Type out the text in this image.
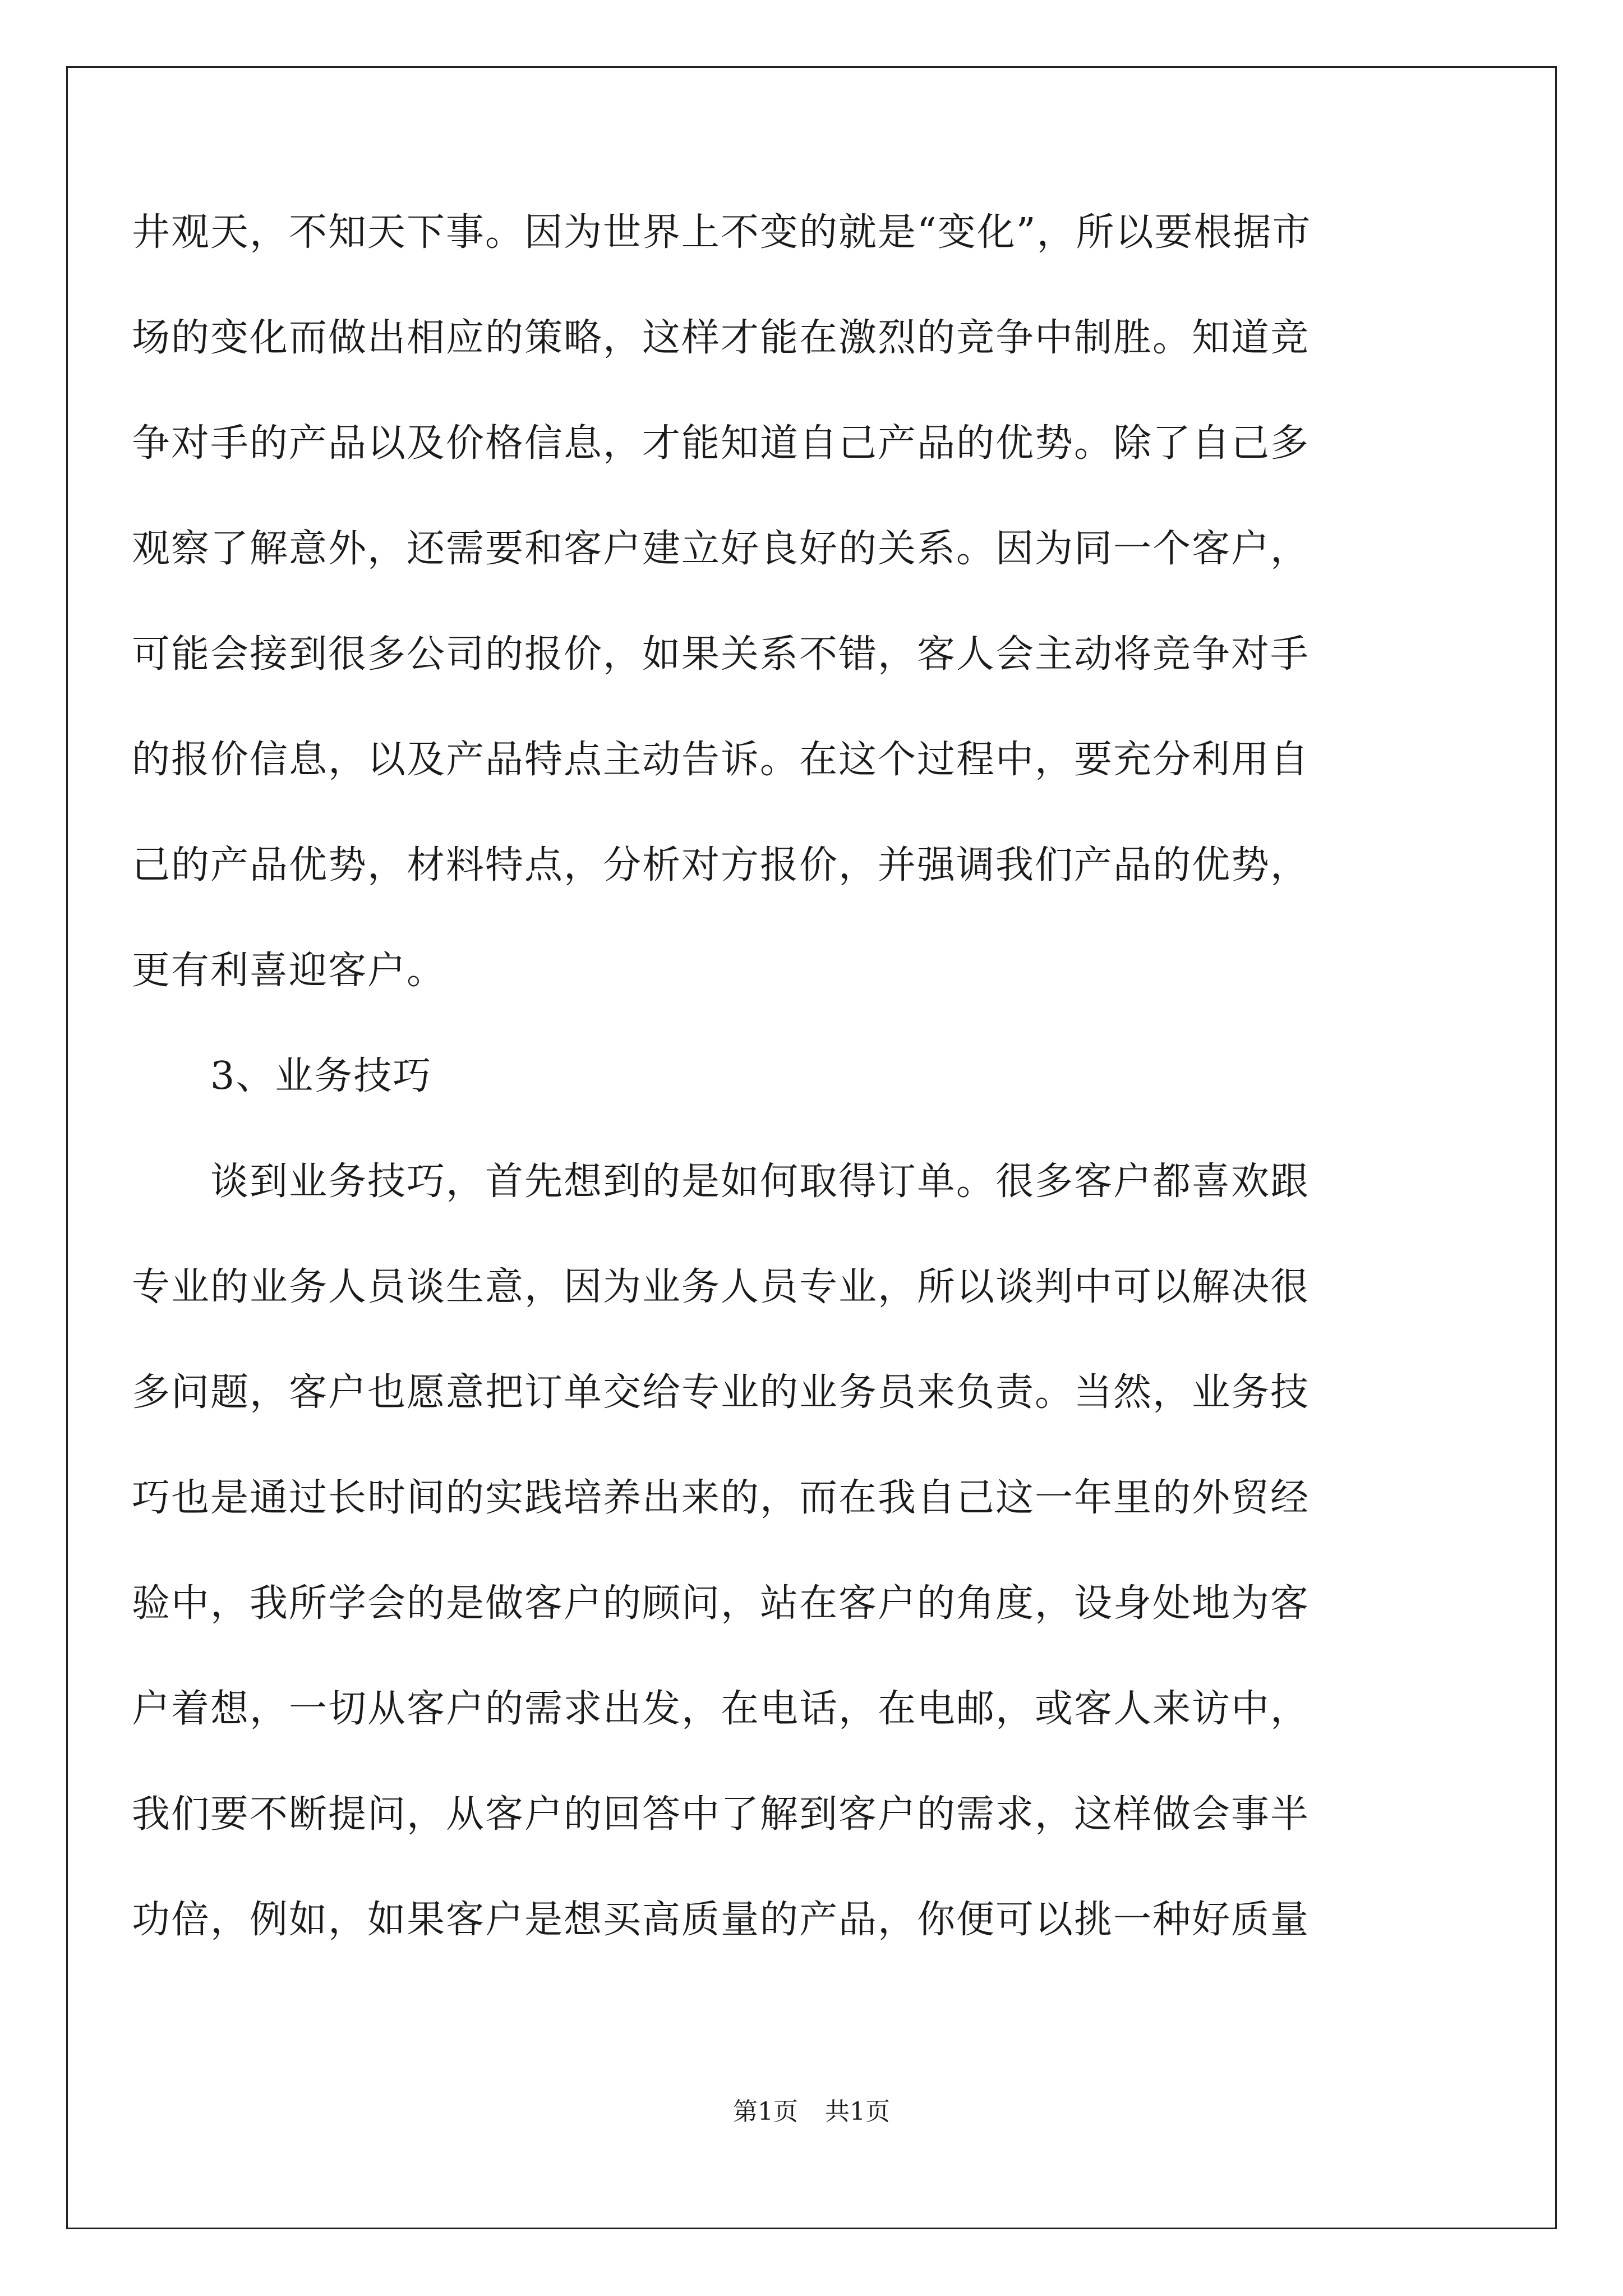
井观天，不知天下事。因为世界上不变的就是“变化”，所以要根据市
场的变化而做出相应的策略，这样才能在激烈的竞争中制胜。知道竞
争对手的产品以及价格信息，才能知道自己产品的优势。除了自己多
观察了解意外，还需要和客户建立好良好的关系。因为同一个客户，
可能会接到很多公司的报价，如果关系不错，客人会主动将竞争对手
的报价信息，以及产品特点主动告诉。在这个过程中，要充分利用自
己的产品优势，材料特点，分析对方报价，并强调我们产品的优势，
更有利喜迎客户。
3、业务技巧
谈到业务技巧，首先想到的是如何取得订单。很多客户都喜欢跟
专业的业务人员谈生意，因为业务人员专业，所以谈判中可以解决很
多问题，客户也愿意把订单交给专业的业务员来负责。当然，业务技
巧也是通过长时间的实践培养出来的，而在我自己这一年里的外贸经
验中，我所学会的是做客户的顾问，站在客户的角度，设身处地为客
户着想，一切从客户的需求出发，在电话，在电邮，或客人来访中，
我们要不断提问，从客户的回答中了解到客户的需求，这样做会事半
功倍，例如，如果客户是想买高质量的产品，你便可以挑一种好质量
第1页 共1页
